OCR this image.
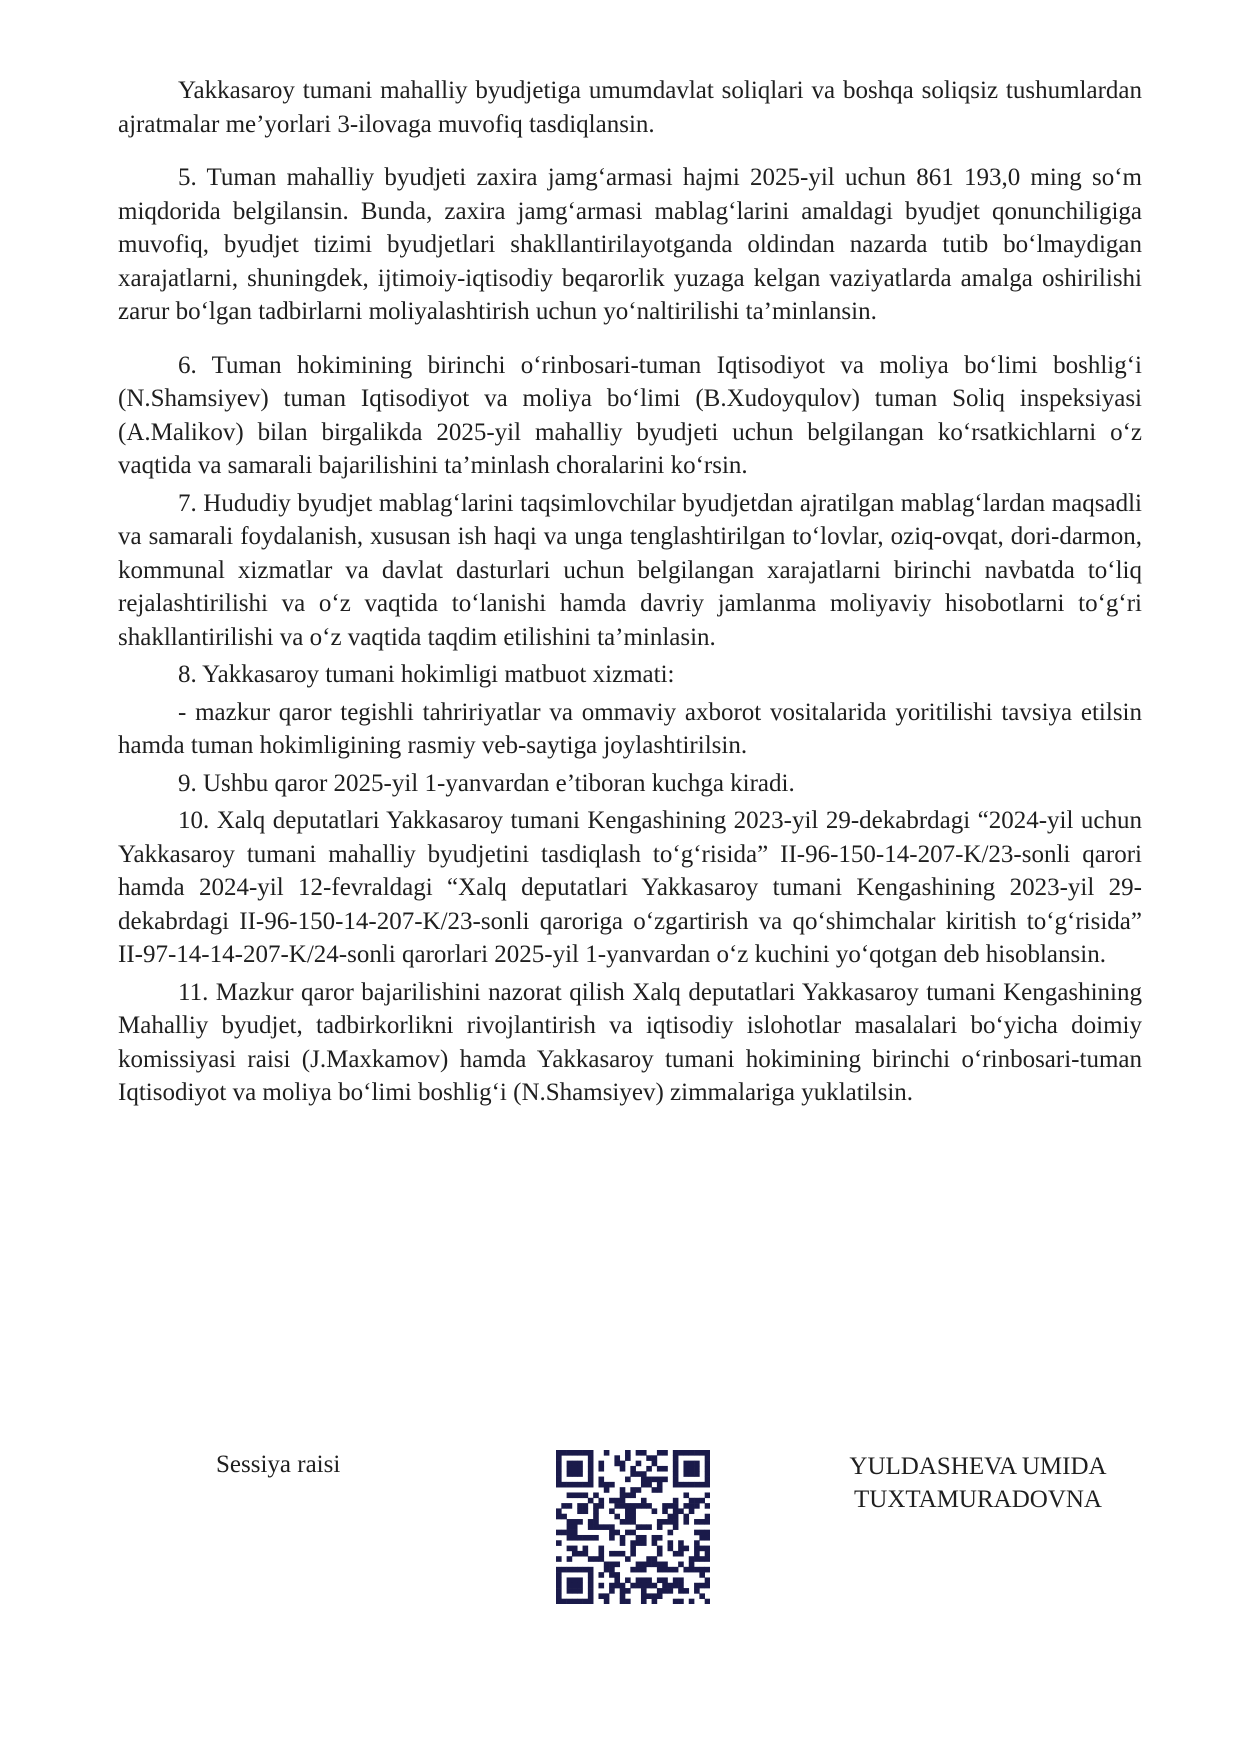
Yakkasaroy tumani mahalliy byudjetiga umumdavlat soliqlari va boshqa soliqsiz tushumlardan ajratmalar me’yorlari 3-ilovaga muvofiq tasdiqlansin.

5. Tuman mahalliy byudjeti zaxira jamg‘armasi hajmi 2025-yil uchun 861 193,0 ming so‘m miqdorida belgilansin. Bunda, zaxira jamg‘armasi mablag‘larini amaldagi byudjet qonunchiligiga muvofiq, byudjet tizimi byudjetlari shakllantirilayotganda oldindan nazarda tutib bo‘lmaydigan xarajatlarni, shuningdek, ijtimoiy-iqtisodiy beqarorlik yuzaga kelgan vaziyatlarda amalga oshirilishi zarur bo‘lgan tadbirlarni moliyalashtirish uchun yo‘naltirilishi ta’minlansin.

6. Tuman hokimining birinchi o‘rinbosari-tuman Iqtisodiyot va moliya bo‘limi boshlig‘i (N.Shamsiyev) tuman Iqtisodiyot va moliya bo‘limi (B.Xudoyqulov) tuman Soliq inspeksiyasi (A.Malikov) bilan birgalikda 2025-yil mahalliy byudjeti uchun belgilangan ko‘rsatkichlarni o‘z vaqtida va samarali bajarilishini ta’minlash choralarini ko‘rsin.

7. Hududiy byudjet mablag‘larini taqsimlovchilar byudjetdan ajratilgan mablag‘lardan maqsadli va samarali foydalanish, xususan ish haqi va unga tenglashtirilgan to‘lovlar, oziq-ovqat, dori-darmon, kommunal xizmatlar va davlat dasturlari uchun belgilangan xarajatlarni birinchi navbatda to‘liq rejalashtirilishi va o‘z vaqtida to‘lanishi hamda davriy jamlanma moliyaviy hisobotlarni to‘g‘ri shakllantirilishi va o‘z vaqtida taqdim etilishini ta’minlasin.

8. Yakkasaroy tumani hokimligi matbuot xizmati:

- mazkur qaror tegishli tahririyatlar va ommaviy axborot vositalarida yoritilishi tavsiya etilsin hamda tuman hokimligining rasmiy veb-saytiga joylashtirilsin.

9. Ushbu qaror 2025-yil 1-yanvardan e’tiboran kuchga kiradi.

10. Xalq deputatlari Yakkasaroy tumani Kengashining 2023-yil 29-dekabrdagi “2024-yil uchun Yakkasaroy tumani mahalliy byudjetini tasdiqlash to‘g‘risida” II-96-150-14-207-K/23-sonli qarori hamda 2024-yil 12-fevraldagi “Xalq deputatlari Yakkasaroy tumani Kengashining 2023-yil 29-dekabrdagi II-96-150-14-207-K/23-sonli qaroriga o‘zgartirish va qo‘shimchalar kiritish to‘g‘risida” II-97-14-14-207-K/24-sonli qarorlari 2025-yil 1-yanvardan o‘z kuchini yo‘qotgan deb hisoblansin.

11. Mazkur qaror bajarilishini nazorat qilish Xalq deputatlari Yakkasaroy tumani Kengashining Mahalliy byudjet, tadbirkorlikni rivojlantirish va iqtisodiy islohotlar masalalari bo‘yicha doimiy komissiyasi raisi (J.Maxkamov) hamda Yakkasaroy tumani hokimining birinchi o‘rinbosari-tuman Iqtisodiyot va moliya bo‘limi boshlig‘i (N.Shamsiyev) zimmalariga yuklatilsin.

Sessiya raisi	YULDASHEVA UMIDA
TUXTAMURADOVNA
